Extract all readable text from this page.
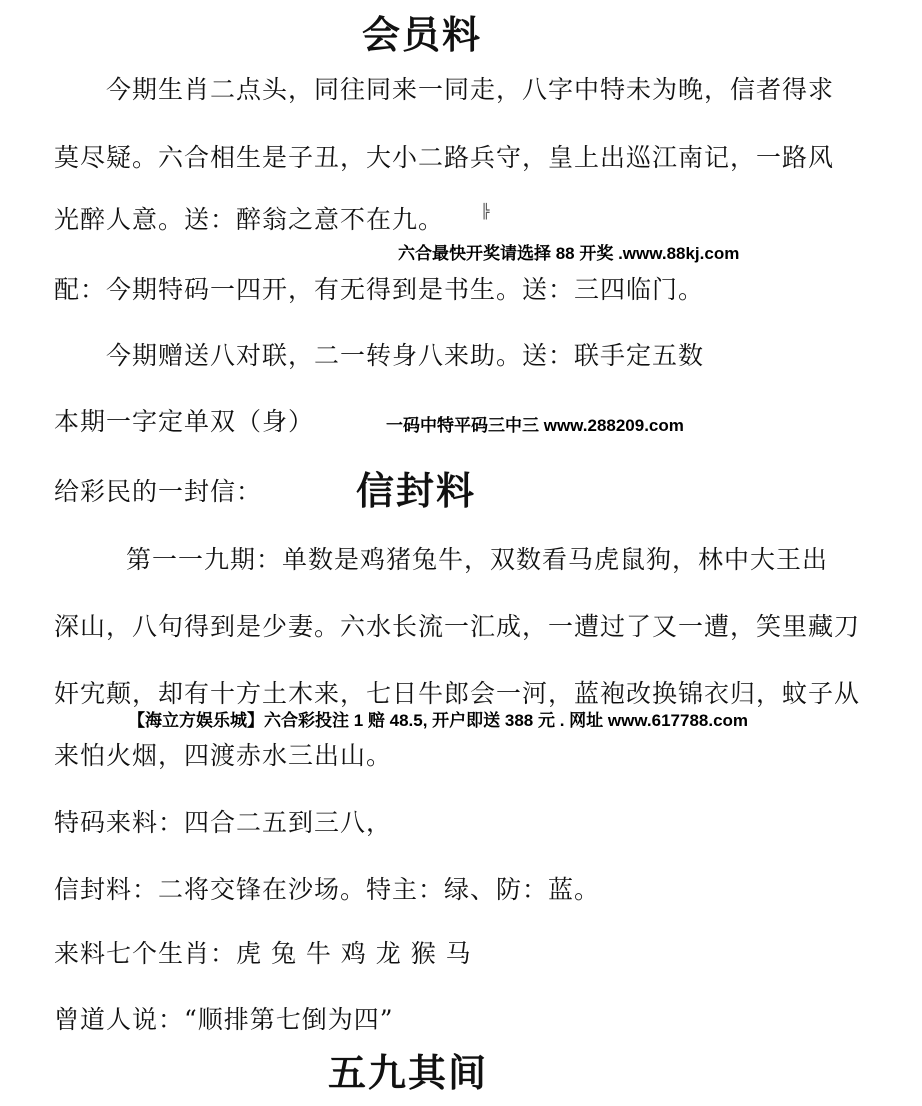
会员料

今期生肖二点头，同往同来一同走，八字中特未为晚，信者得求

莫尽疑。六合相生是子丑，大小二路兵守，皇上出巡江南记，一路风

光醉人意。送：醉翁之意不在九。	╠
六合最快开奖请选择 88 开奖 .www.88kj.com

配：今期特码一四开，有无得到是书生。送：三四临门。

今期赠送八对联，二一转身八来助。送：联手定五数

本期一字定单双（身）	一码中特平码三中三 www.288209.com

给彩民的一封信： 信封料

第一一九期：单数是鸡猪兔牛，双数看马虎鼠狗，林中大王出

深山，八句得到是少妻。六水长流一汇成，一遭过了又一遭，笑里藏刀

奸宄颠，却有十方土木来，七日牛郎会一河，蓝袍改换锦衣归，蚊子从

【海立方娱乐城】六合彩投注 1 赔 48.5, 开户即送 388 元 . 网址 www.617788.com

来怕火烟，四渡赤水三出山。

特码来料：四合二五到三八，

信封料：二将交锋在沙场。特主：绿、防：蓝。

来料七个生肖：虎 兔 牛 鸡 龙 猴 马

曾道人说：“顺排第七倒为四”

五九其间
